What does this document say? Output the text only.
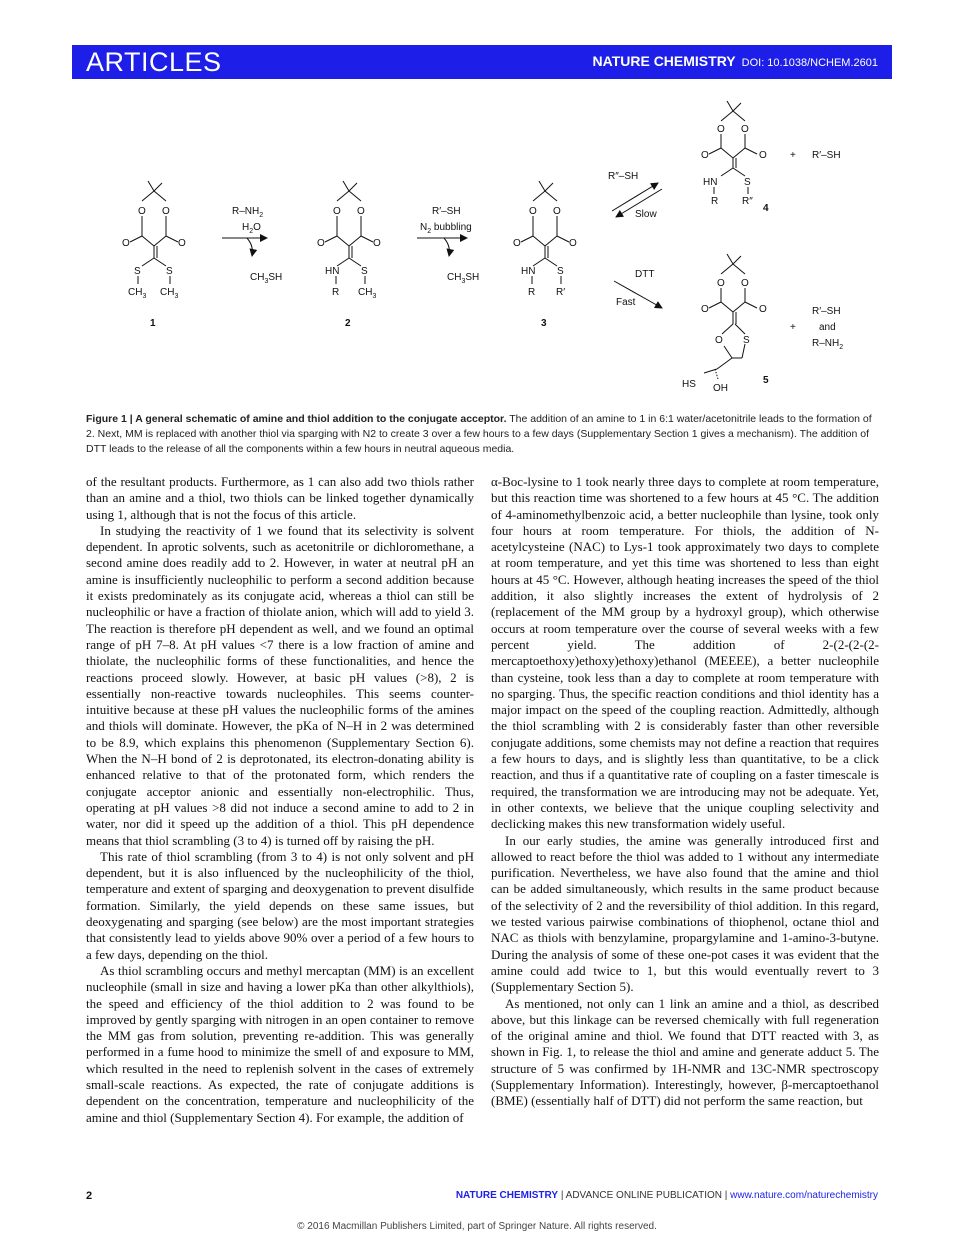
ARTICLES	NATURE CHEMISTRY DOI: 10.1038/NCHEM.2601
O O
O	O
S	S
$CH_3$ $CH_3$
1
$R-NH_2$
$H_2O$
$CH_3SH$
O O
O	O
HN S
R $CH_3$
2
R′–SH
$N_2$ bubbling
$CH_3SH$
O O
O	O
HN S
R R′
3
R″–SH
Slow
DTT
Fast
O O
O	O
HN	S
R R″
4
+ R′–SH
O O
O	O
O S
HS OH
5
+
R′–SH
and
$R-NH_2$
Figure 1 | A general schematic of amine and thiol addition to the conjugate acceptor. The addition of an amine to 1 in 6:1 water/acetonitrile leads to the formation of 2. Next, MM is replaced with another thiol via sparging with N2 to create 3 over a few hours to a few days (Supplementary Section 1 gives a mechanism). The addition of DTT leads to the release of all the components within a few hours in neutral aqueous media.

of the resultant products. Furthermore, as 1 can also add two thiols rather than an amine and a thiol, two thiols can be linked together dynamically using 1, although that is not the focus of this article.

In studying the reactivity of 1 we found that its selectivity is solvent dependent. In aprotic solvents, such as acetonitrile or dichloromethane, a second amine does readily add to 2. However, in water at neutral pH an amine is insufficiently nucleophilic to perform a second addition because it exists predominately as its conjugate acid, whereas a thiol can still be nucleophilic or have a fraction of thiolate anion, which will add to yield 3. The reaction is therefore pH dependent as well, and we found an optimal range of pH 7–8. At pH values <7 there is a low fraction of amine and thiolate, the nucleophilic forms of these functionalities, and hence the reactions proceed slowly. However, at basic pH values (>8), 2 is essentially non-reactive towards nucleophiles. This seems counter-intuitive because at these pH values the nucleophilic forms of the amines and thiols will dominate. However, the pKa of N–H in 2 was determined to be 8.9, which explains this phenomenon (Supplementary Section 6). When the N–H bond of 2 is deprotonated, its electron-donating ability is enhanced relative to that of the protonated form, which renders the conjugate acceptor anionic and essentially non-electrophilic. Thus, operating at pH values >8 did not induce a second amine to add to 2 in water, nor did it speed up the addition of a thiol. This pH dependence means that thiol scrambling (3 to 4) is turned off by raising the pH.

This rate of thiol scrambling (from 3 to 4) is not only solvent and pH dependent, but it is also influenced by the nucleophilicity of the thiol, temperature and extent of sparging and deoxygenation to prevent disulfide formation. Similarly, the yield depends on these same issues, but deoxygenating and sparging (see below) are the most important strategies that consistently lead to yields above 90% over a period of a few hours to a few days, depending on the thiol.

As thiol scrambling occurs and methyl mercaptan (MM) is an excellent nucleophile (small in size and having a lower pKa than other alkylthiols), the speed and efficiency of the thiol addition to 2 was found to be improved by gently sparging with nitrogen in an open container to remove the MM gas from solution, preventing re-addition. This was generally performed in a fume hood to minimize the smell of and exposure to MM, which resulted in the need to replenish solvent in the cases of extremely small-scale reactions. As expected, the rate of conjugate additions is dependent on the concentration, temperature and nucleophilicity of the amine and thiol (Supplementary Section 4). For example, the addition of

α-Boc-lysine to 1 took nearly three days to complete at room temperature, but this reaction time was shortened to a few hours at 45 °C. The addition of 4-aminomethylbenzoic acid, a better nucleophile than lysine, took only four hours at room temperature. For thiols, the addition of N-acetylcysteine (NAC) to Lys-1 took approximately two days to complete at room temperature, and yet this time was shortened to less than eight hours at 45 °C. However, although heating increases the speed of the thiol addition, it also slightly increases the extent of hydrolysis of 2 (replacement of the MM group by a hydroxyl group), which otherwise occurs at room temperature over the course of several weeks with a few percent yield. The addition of 2-(2-(2-(2-mercaptoethoxy)ethoxy)ethoxy)ethanol (MEEEE), a better nucleophile than cysteine, took less than a day to complete at room temperature with no sparging. Thus, the specific reaction conditions and thiol identity has a major impact on the speed of the coupling reaction. Admittedly, although the thiol scrambling with 2 is considerably faster than other reversible conjugate additions, some chemists may not define a reaction that requires a few hours to days, and is slightly less than quantitative, to be a click reaction, and thus if a quantitative rate of coupling on a faster timescale is required, the transformation we are introducing may not be adequate. Yet, in other contexts, we believe that the unique coupling selectivity and declicking makes this new transformation widely useful.

In our early studies, the amine was generally introduced first and allowed to react before the thiol was added to 1 without any intermediate purification. Nevertheless, we have also found that the amine and thiol can be added simultaneously, which results in the same product because of the selectivity of 2 and the reversibility of thiol addition. In this regard, we tested various pairwise combinations of thiophenol, octane thiol and NAC as thiols with benzylamine, propargylamine and 1-amino-3-butyne. During the analysis of some of these one-pot cases it was evident that the amine could add twice to 1, but this would eventually revert to 3 (Supplementary Section 5).

As mentioned, not only can 1 link an amine and a thiol, as described above, but this linkage can be reversed chemically with full regeneration of the original amine and thiol. We found that DTT reacted with 3, as shown in Fig. 1, to release the thiol and amine and generate adduct 5. The structure of 5 was confirmed by 1H-NMR and 13C-NMR spectroscopy (Supplementary Information). Interestingly, however, β-mercaptoethanol (BME) (essentially half of DTT) did not perform the same reaction, but

2	NATURE CHEMISTRY | ADVANCE ONLINE PUBLICATION | www.nature.com/naturechemistry
© 2016 Macmillan Publishers Limited, part of Springer Nature. All rights reserved.
